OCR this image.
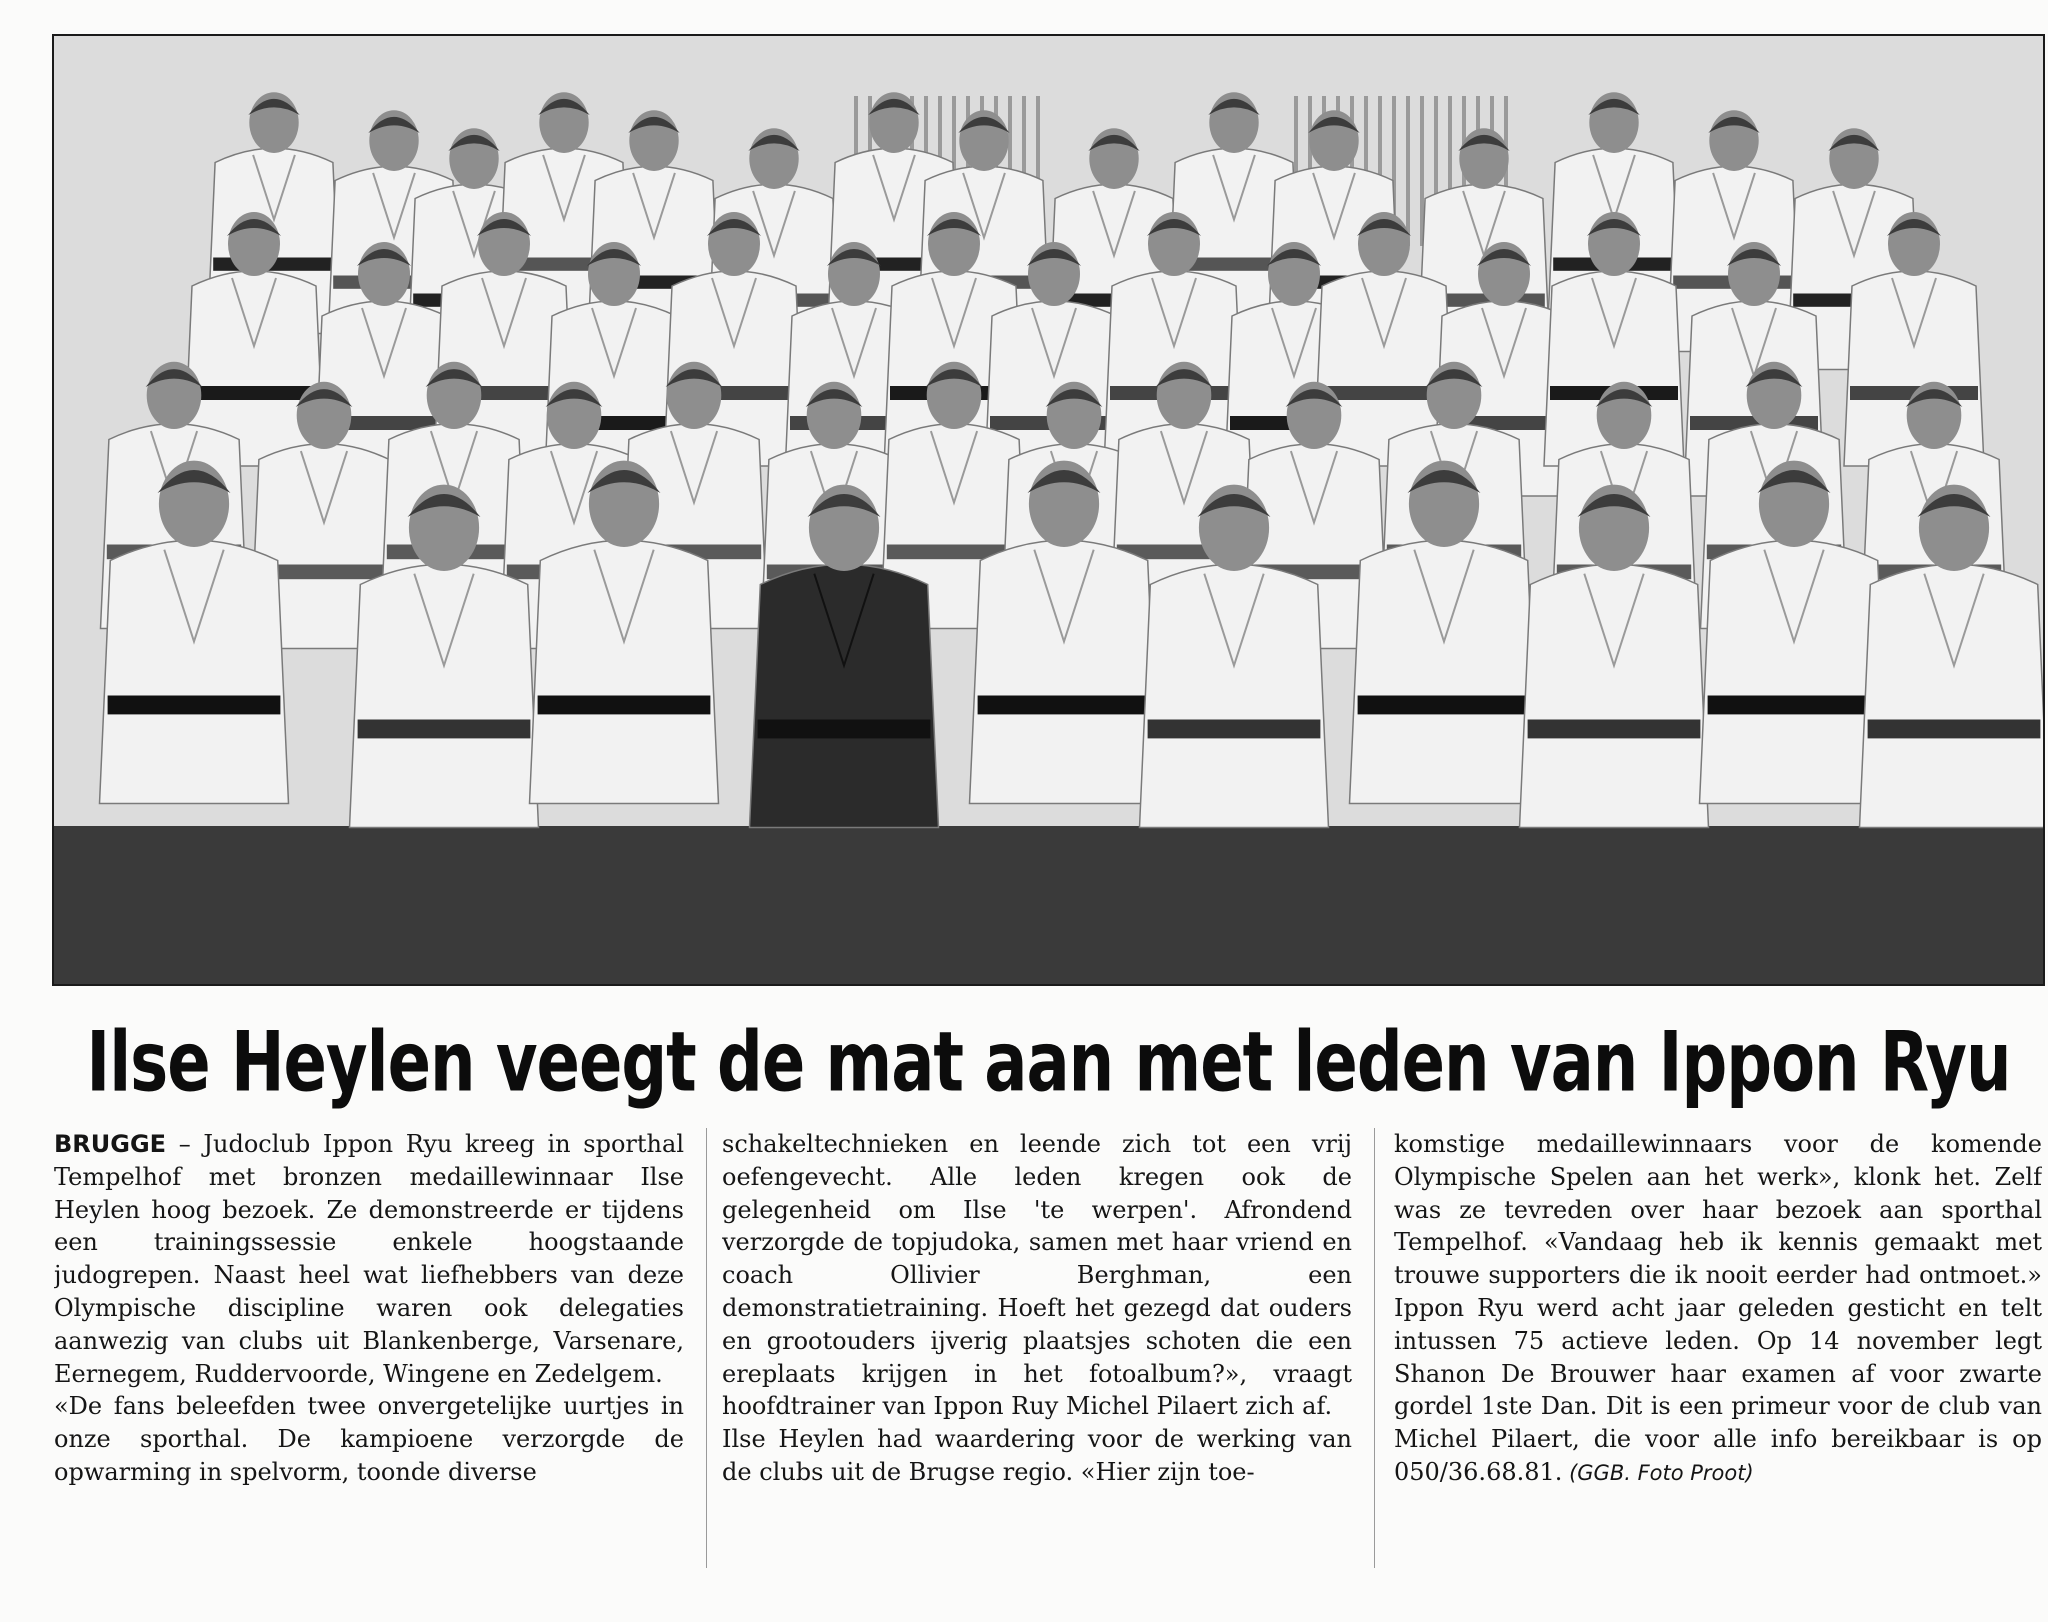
Ilse Heylen veegt de mat aan met leden van Ippon Ryu

BRUGGE – Judoclub Ippon Ryu kreeg in sporthal Tempelhof met bronzen medaillewinnaar Ilse Heylen hoog bezoek. Ze demonstreerde er tijdens een trainingssessie enkele hoogstaande judogrepen. Naast heel wat liefhebbers van deze Olympische discipline waren ook delegaties aanwezig van clubs uit Blankenberge, Varsenare, Eernegem, Ruddervoorde, Wingene en Zedelgem.

«De fans beleefden twee onvergetelijke uurtjes in onze sporthal. De kampioene verzorgde de opwarming in spelvorm, toonde diverse

schakeltechnieken en leende zich tot een vrij oefengevecht. Alle leden kregen ook de gelegenheid om Ilse 'te werpen'. Afrondend verzorgde de topjudoka, samen met haar vriend en coach Ollivier Berghman, een demonstratietraining. Hoeft het gezegd dat ouders en grootouders ijverig plaatsjes schoten die een ereplaats krijgen in het fotoalbum?», vraagt hoofdtrainer van Ippon Ruy Michel Pilaert zich af.

Ilse Heylen had waardering voor de werking van de clubs uit de Brugse regio. «Hier zijn toe-

komstige medaillewinnaars voor de komende Olympische Spelen aan het werk», klonk het. Zelf was ze tevreden over haar bezoek aan sporthal Tempelhof. «Vandaag heb ik kennis gemaakt met trouwe supporters die ik nooit eerder had ontmoet.» Ippon Ryu werd acht jaar geleden gesticht en telt intussen 75 actieve leden. Op 14 november legt Shanon De Brouwer haar examen af voor zwarte gordel 1ste Dan. Dit is een primeur voor de club van Michel Pilaert, die voor alle info bereikbaar is op 050/36.68.81. (GGB. Foto Proot)
